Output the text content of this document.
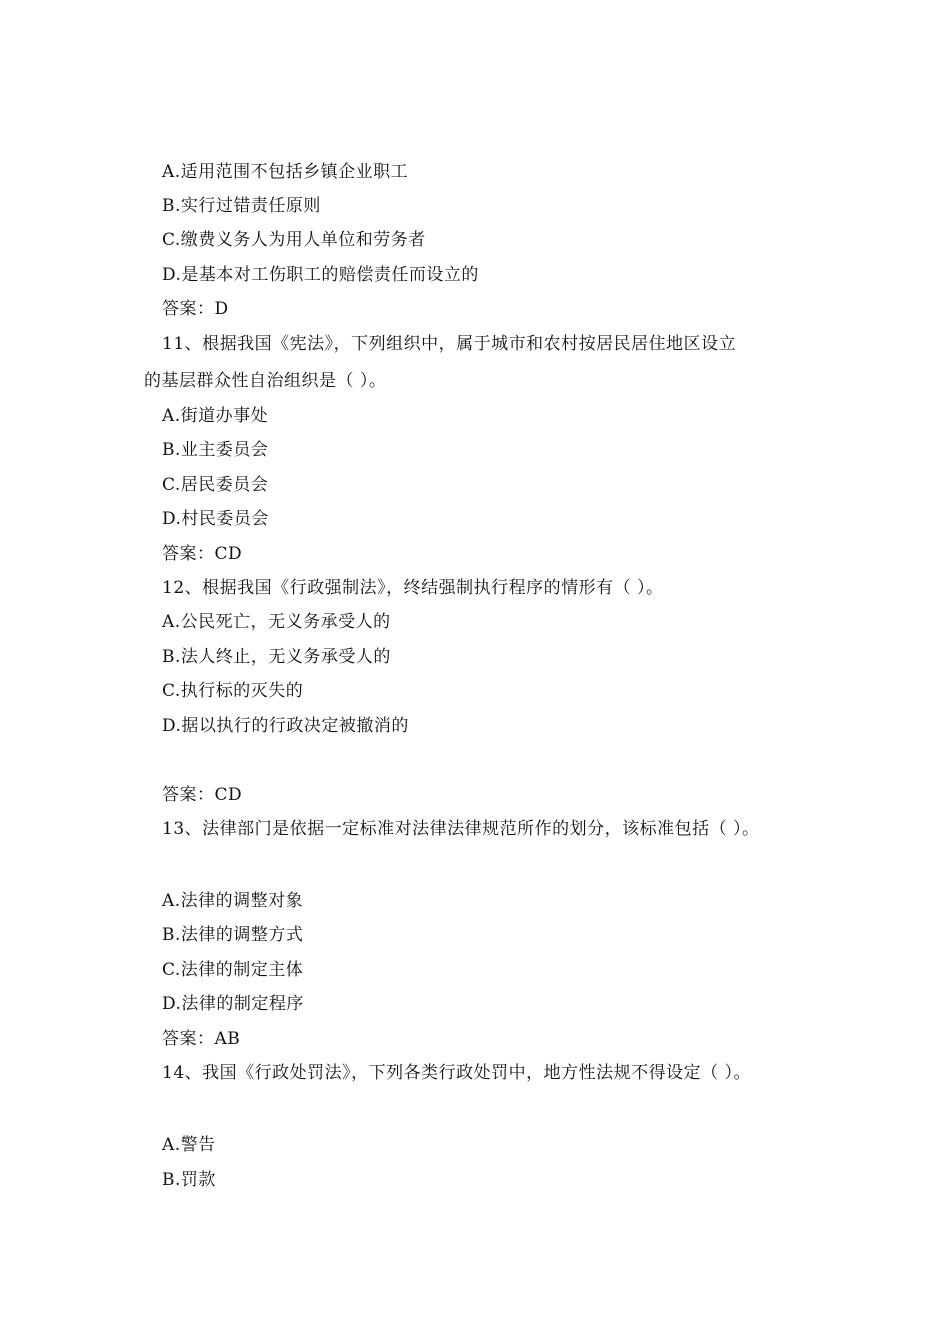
A.适用范围不包括乡镇企业职工
B.实行过错责任原则
C.缴费义务人为用人单位和劳务者
D.是基本对工伤职工的赔偿责任而设立的
答案：D
11、根据我国《宪法》，下列组织中，属于城市和农村按居民居住地区设立
的基层群众性自治组织是（ ）。
A.街道办事处
B.业主委员会
C.居民委员会
D.村民委员会
答案：CD
12、根据我国《行政强制法》，终结强制执行程序的情形有（ ）。
A.公民死亡，无义务承受人的
B.法人终止，无义务承受人的
C.执行标的灭失的
D.据以执行的行政决定被撤消的
答案：CD
13、法律部门是依据一定标准对法律法律规范所作的划分，该标准包括（ ）。
A.法律的调整对象
B.法律的调整方式
C.法律的制定主体
D.法律的制定程序
答案：AB
14、我国《行政处罚法》，下列各类行政处罚中，地方性法规不得设定（ ）。
A.警告
B.罚款
